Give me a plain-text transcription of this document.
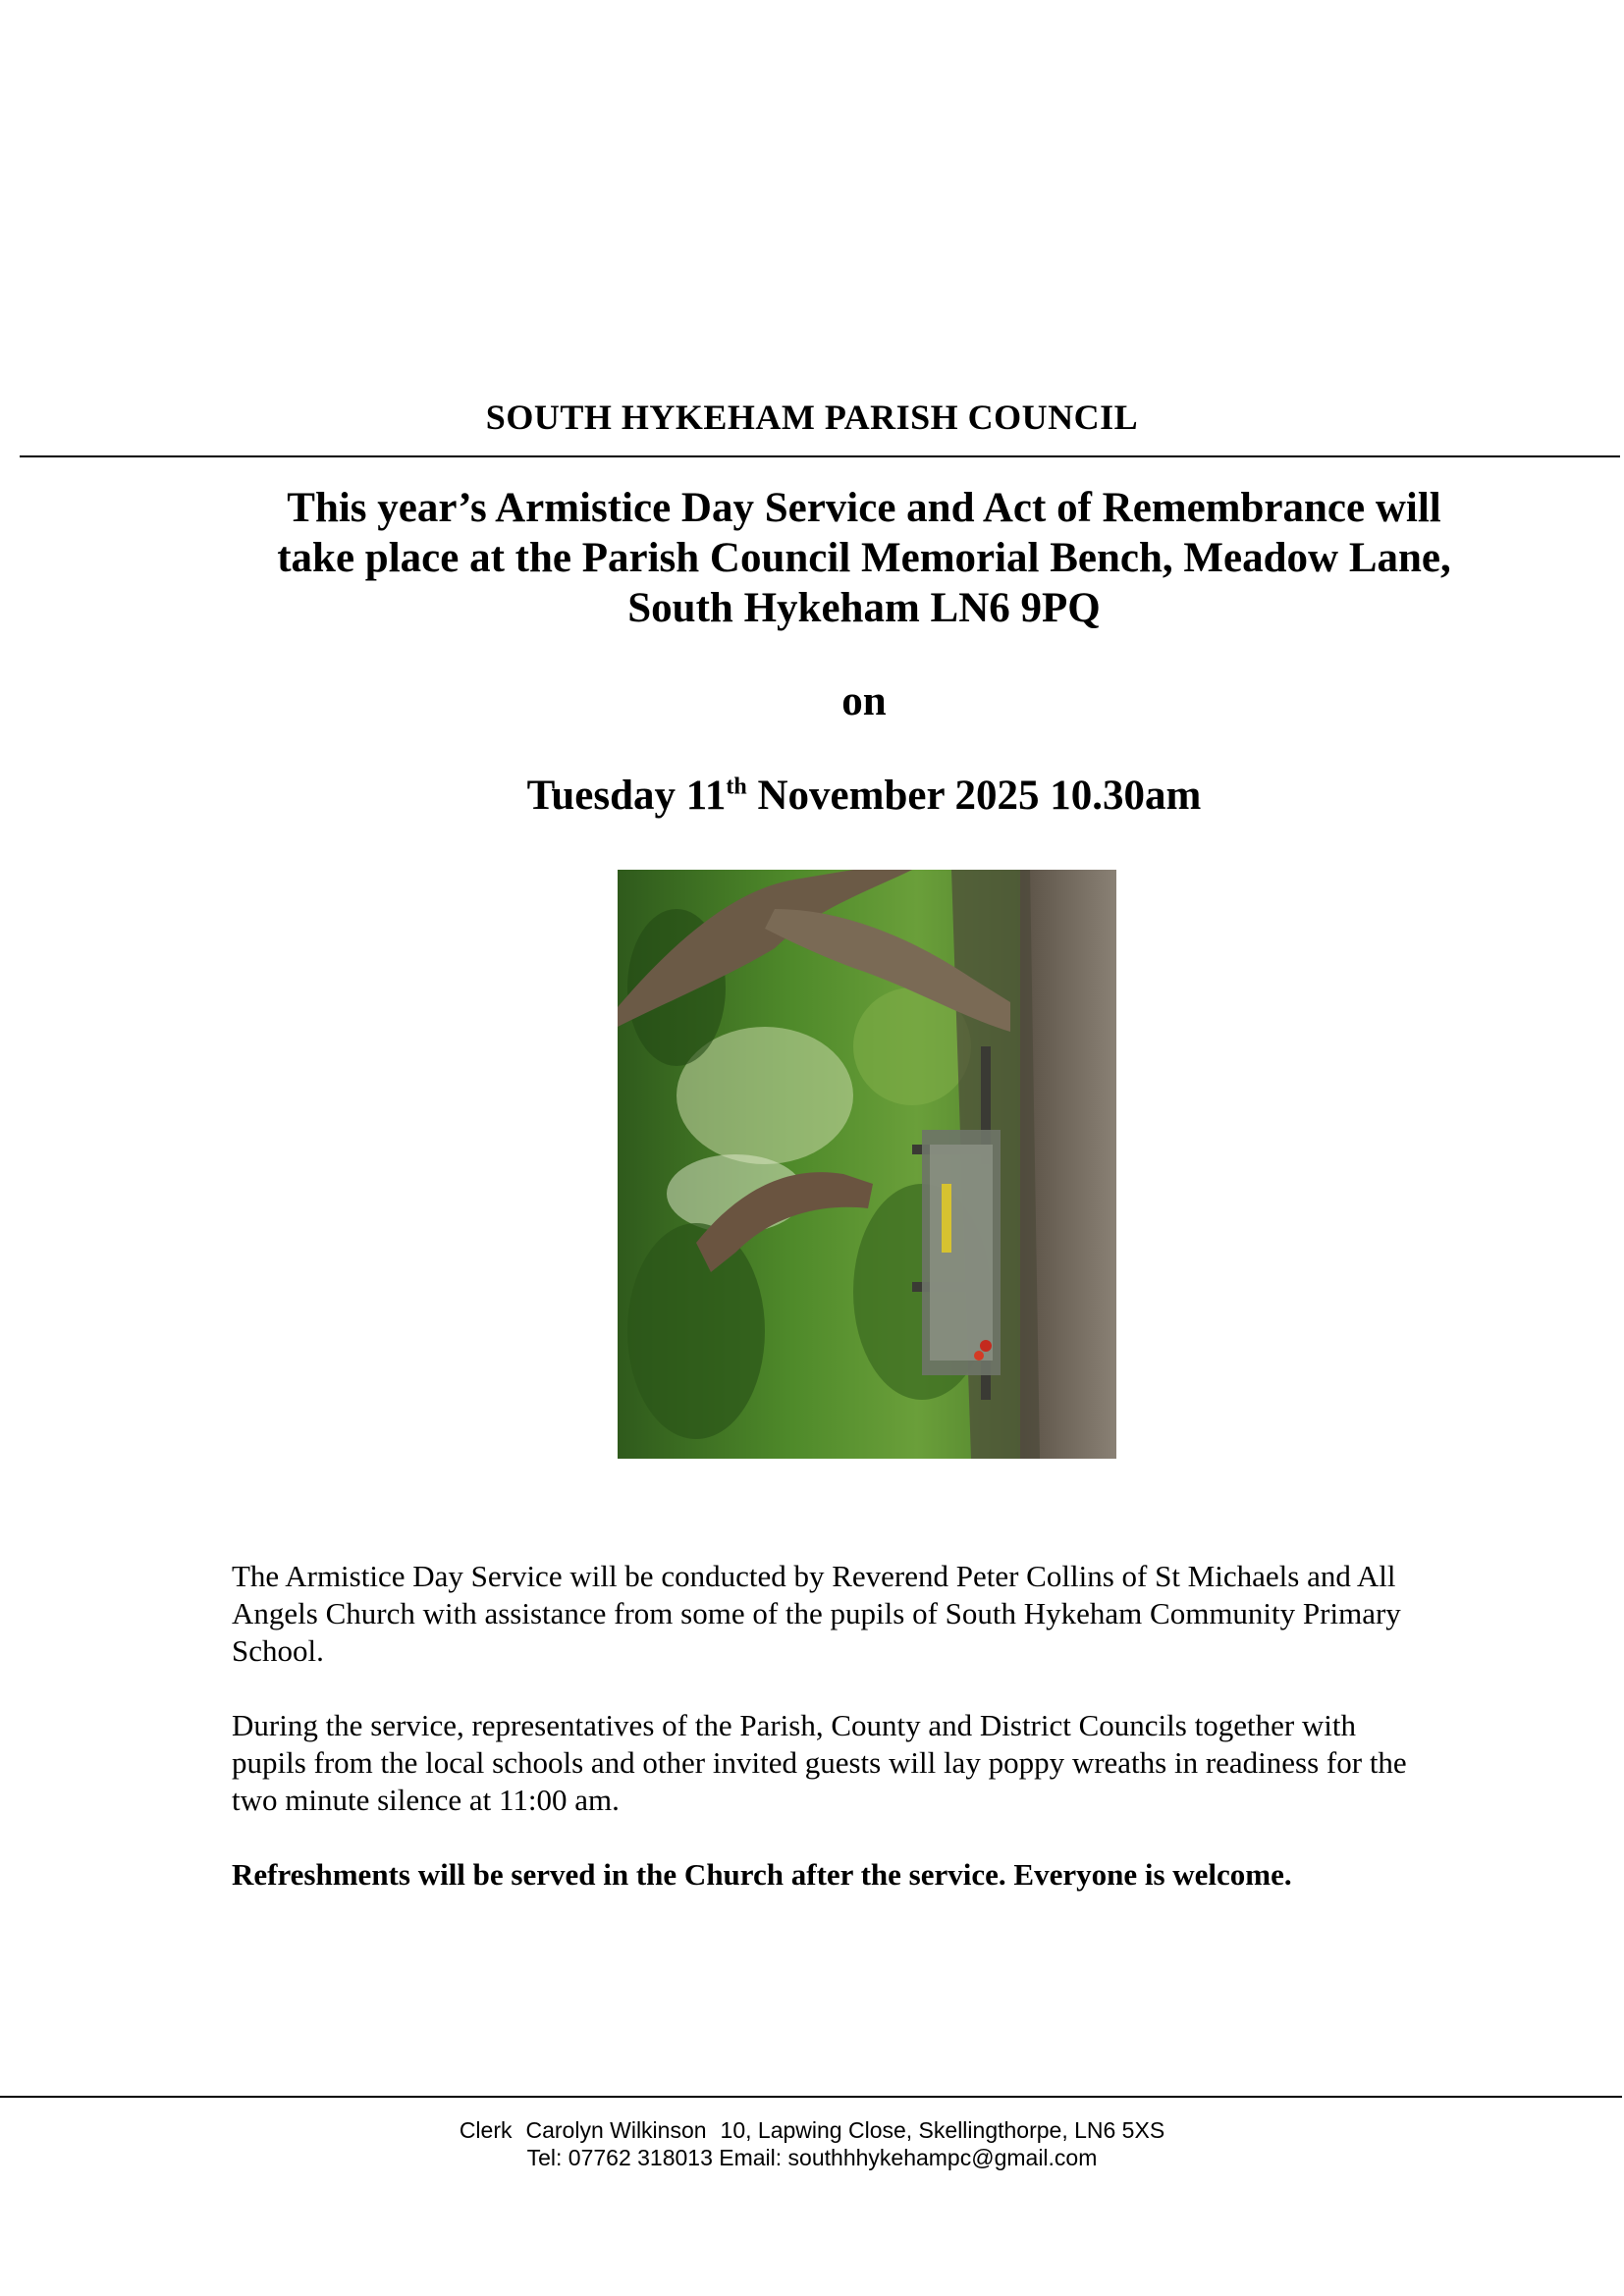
SOUTH HYKEHAM PARISH COUNCIL
This year’s Armistice Day Service and Act of Remembrance will
take place at the Parish Council Memorial Bench, Meadow Lane,
South Hykeham LN6 9PQ
on
Tuesday 11th November 2025 10.30am
The Armistice Day Service will be conducted by Reverend Peter Collins of St Michaels and All
Angels Church with assistance from some of the pupils of South Hykeham Community Primary
School.
During the service, representatives of the Parish, County and District Councils together with
pupils from the local schools and other invited guests will lay poppy wreaths in readiness for the
two minute silence at 11:00 am.
Refreshments will be served in the Church after the service. Everyone is welcome.
Clerk Carolyn Wilkinson 10, Lapwing Close, Skellingthorpe, LN6 5XS
Tel: 07762 318013 Email: southhhykehampc@gmail.com
